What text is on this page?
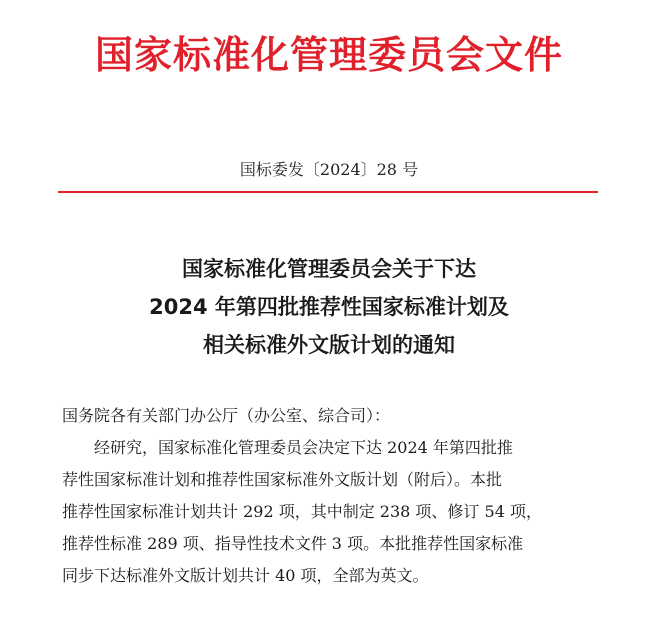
国家标准化管理委员会文件
国标委发〔2024〕28 号
国家标准化管理委员会关于下达
2024 年第四批推荐性国家标准计划及
相关标准外文版计划的通知
国务院各有关部门办公厅（办公室、综合司）：
经研究，国家标准化管理委员会决定下达 2024 年第四批推
荐性国家标准计划和推荐性国家标准外文版计划（附后）。本批
推荐性国家标准计划共计 292 项，其中制定 238 项、修订 54 项，
推荐性标准 289 项、指导性技术文件 3 项。本批推荐性国家标准
同步下达标准外文版计划共计 40 项，全部为英文。
